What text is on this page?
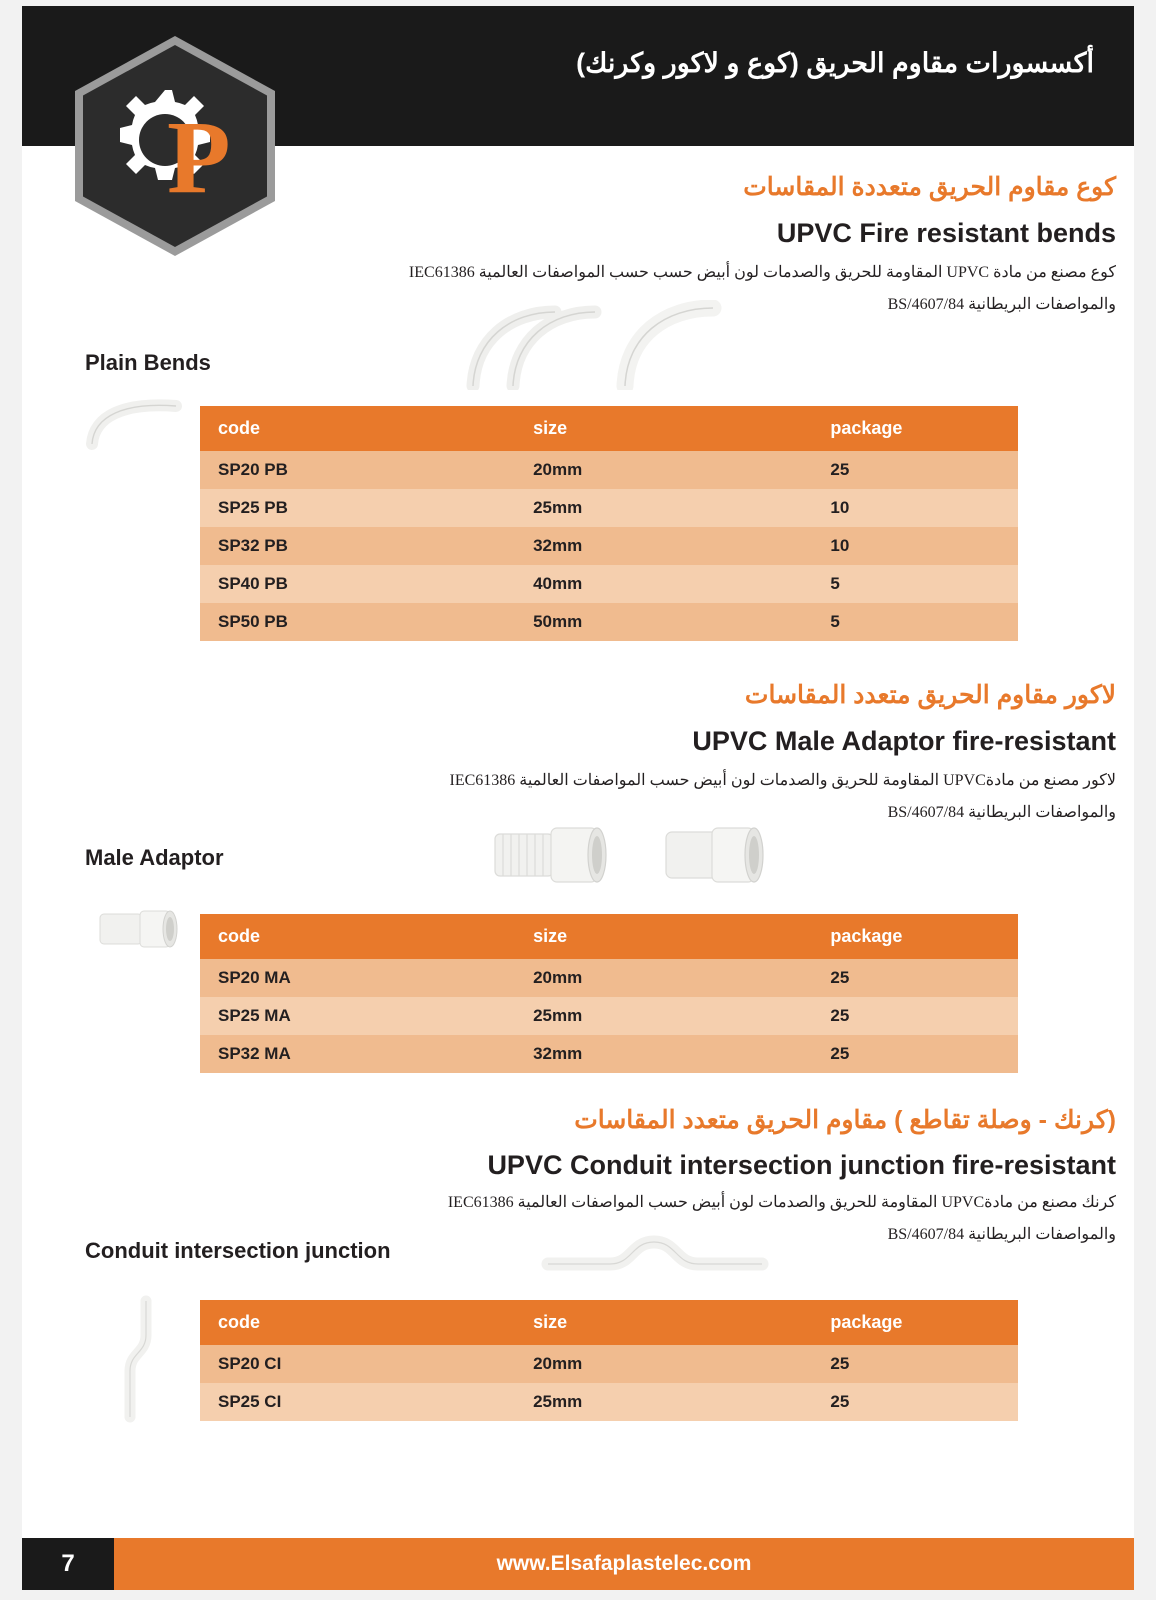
أكسسورات مقاوم الحريق (كوع و لاكور وكرنك)
P	كوع مقاوم الحريق متعددة المقاسات
UPVC Fire resistant bends
كوع مصنع من مادة UPVC المقاومة للحريق والصدمات لون أبيض حسب حسب المواصفات العالمية IEC61386
والمواصفات البريطانية BS/4607/84
Plain Bends
code	size	package
SP20 PB	20mm	25
SP25 PB	25mm	10
SP32 PB	32mm	10
SP40 PB	40mm	5
SP50 PB	50mm	5
لاكور مقاوم الحريق متعدد المقاسات
UPVC Male Adaptor fire-resistant
لاكور مصنع من مادةUPVC المقاومة للحريق والصدمات لون أبيض حسب المواصفات العالمية IEC61386
والمواصفات البريطانية BS/4607/84
Male Adaptor
code	size	package
SP20 MA	20mm	25
SP25 MA	25mm	25
SP32 MA	32mm	25
(كرنك - وصلة تقاطع ) مقاوم الحريق متعدد المقاسات
UPVC Conduit intersection junction fire-resistant
كرنك مصنع من مادةUPVC المقاومة للحريق والصدمات لون أبيض حسب المواصفات العالمية IEC61386
والمواصفات البريطانية BS/4607/84
Conduit intersection junction
code	size	package
SP20 CI	20mm	25
SP25 CI	25mm	25
7	www.Elsafaplastelec.com
